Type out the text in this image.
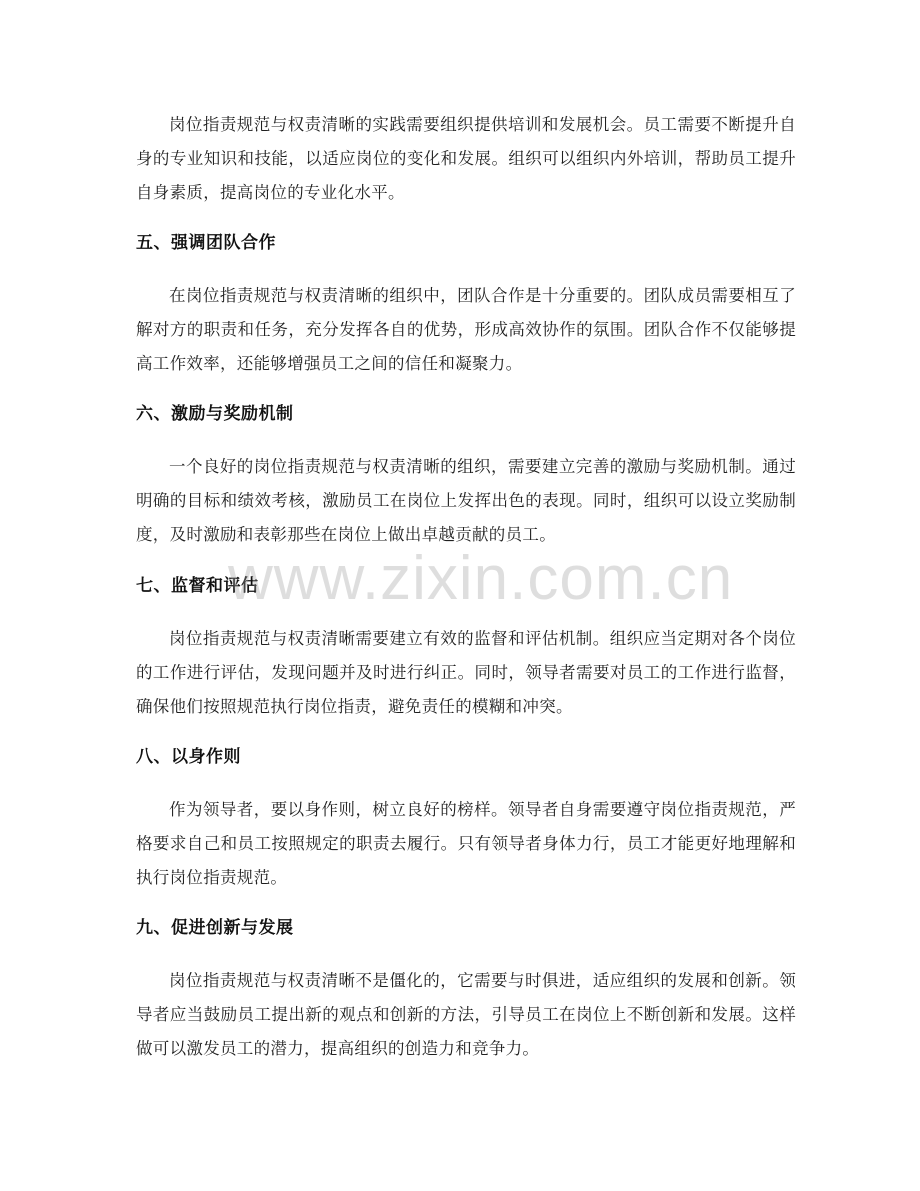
岗位指责规范与权责清晰的实践需要组织提供培训和发展机会。员工需要不断提升自身的专业知识和技能，以适应岗位的变化和发展。组织可以组织内外培训，帮助员工提升自身素质，提高岗位的专业化水平。

五、强调团队合作

在岗位指责规范与权责清晰的组织中，团队合作是十分重要的。团队成员需要相互了解对方的职责和任务，充分发挥各自的优势，形成高效协作的氛围。团队合作不仅能够提高工作效率，还能够增强员工之间的信任和凝聚力。

六、激励与奖励机制

一个良好的岗位指责规范与权责清晰的组织，需要建立完善的激励与奖励机制。通过明确的目标和绩效考核，激励员工在岗位上发挥出色的表现。同时，组织可以设立奖励制度，及时激励和表彰那些在岗位上做出卓越贡献的员工。

七、监督和评估

岗位指责规范与权责清晰需要建立有效的监督和评估机制。组织应当定期对各个岗位的工作进行评估，发现问题并及时进行纠正。同时，领导者需要对员工的工作进行监督，确保他们按照规范执行岗位指责，避免责任的模糊和冲突。

八、以身作则

作为领导者，要以身作则，树立良好的榜样。领导者自身需要遵守岗位指责规范，严格要求自己和员工按照规定的职责去履行。只有领导者身体力行，员工才能更好地理解和执行岗位指责规范。

九、促进创新与发展

岗位指责规范与权责清晰不是僵化的，它需要与时俱进，适应组织的发展和创新。领导者应当鼓励员工提出新的观点和创新的方法，引导员工在岗位上不断创新和发展。这样做可以激发员工的潜力，提高组织的创造力和竞争力。

www.zixin.com.cn
